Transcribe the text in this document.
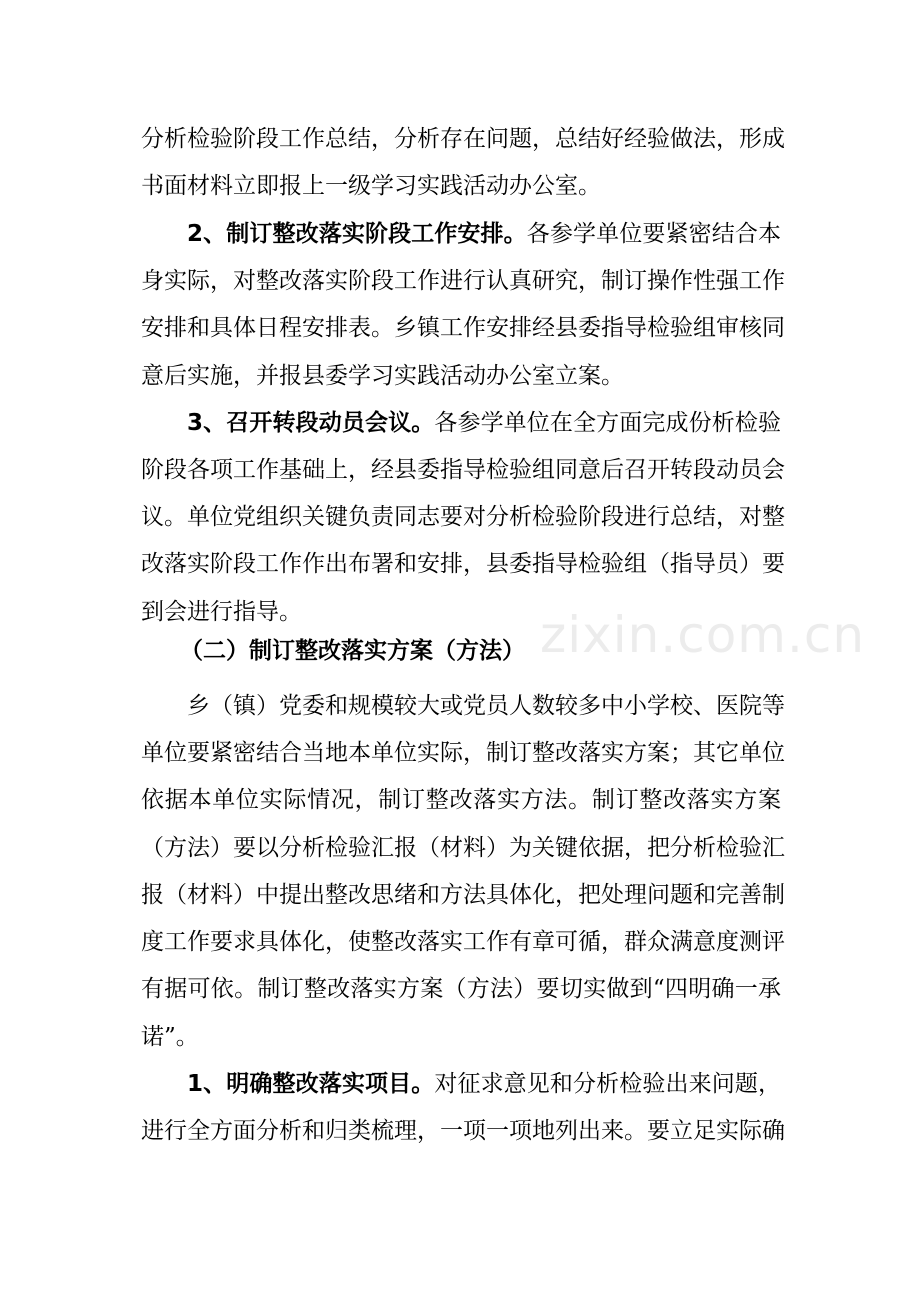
zixin.com.cn
分析检验阶段工作总结，分析存在问题，总结好经验做法，形成
书面材料立即报上一级学习实践活动办公室。
2、制订整改落实阶段工作安排。各参学单位要紧密结合本
身实际，对整改落实阶段工作进行认真研究，制订操作性强工作
安排和具体日程安排表。乡镇工作安排经县委指导检验组审核同
意后实施，并报县委学习实践活动办公室立案。
3、召开转段动员会议。各参学单位在全方面完成份析检验
阶段各项工作基础上，经县委指导检验组同意后召开转段动员会
议。单位党组织关键负责同志要对分析检验阶段进行总结，对整
改落实阶段工作作出布署和安排，县委指导检验组（指导员）要
到会进行指导。
（二）制订整改落实方案（方法）
乡（镇）党委和规模较大或党员人数较多中小学校、医院等
单位要紧密结合当地本单位实际，制订整改落实方案；其它单位
依据本单位实际情况，制订整改落实方法。制订整改落实方案
（方法）要以分析检验汇报（材料）为关键依据，把分析检验汇
报（材料）中提出整改思绪和方法具体化，把处理问题和完善制
度工作要求具体化，使整改落实工作有章可循，群众满意度测评
有据可依。制订整改落实方案（方法）要切实做到“四明确一承
诺”。
1、明确整改落实项目。对征求意见和分析检验出来问题，
进行全方面分析和归类梳理，一项一项地列出来。要立足实际确
